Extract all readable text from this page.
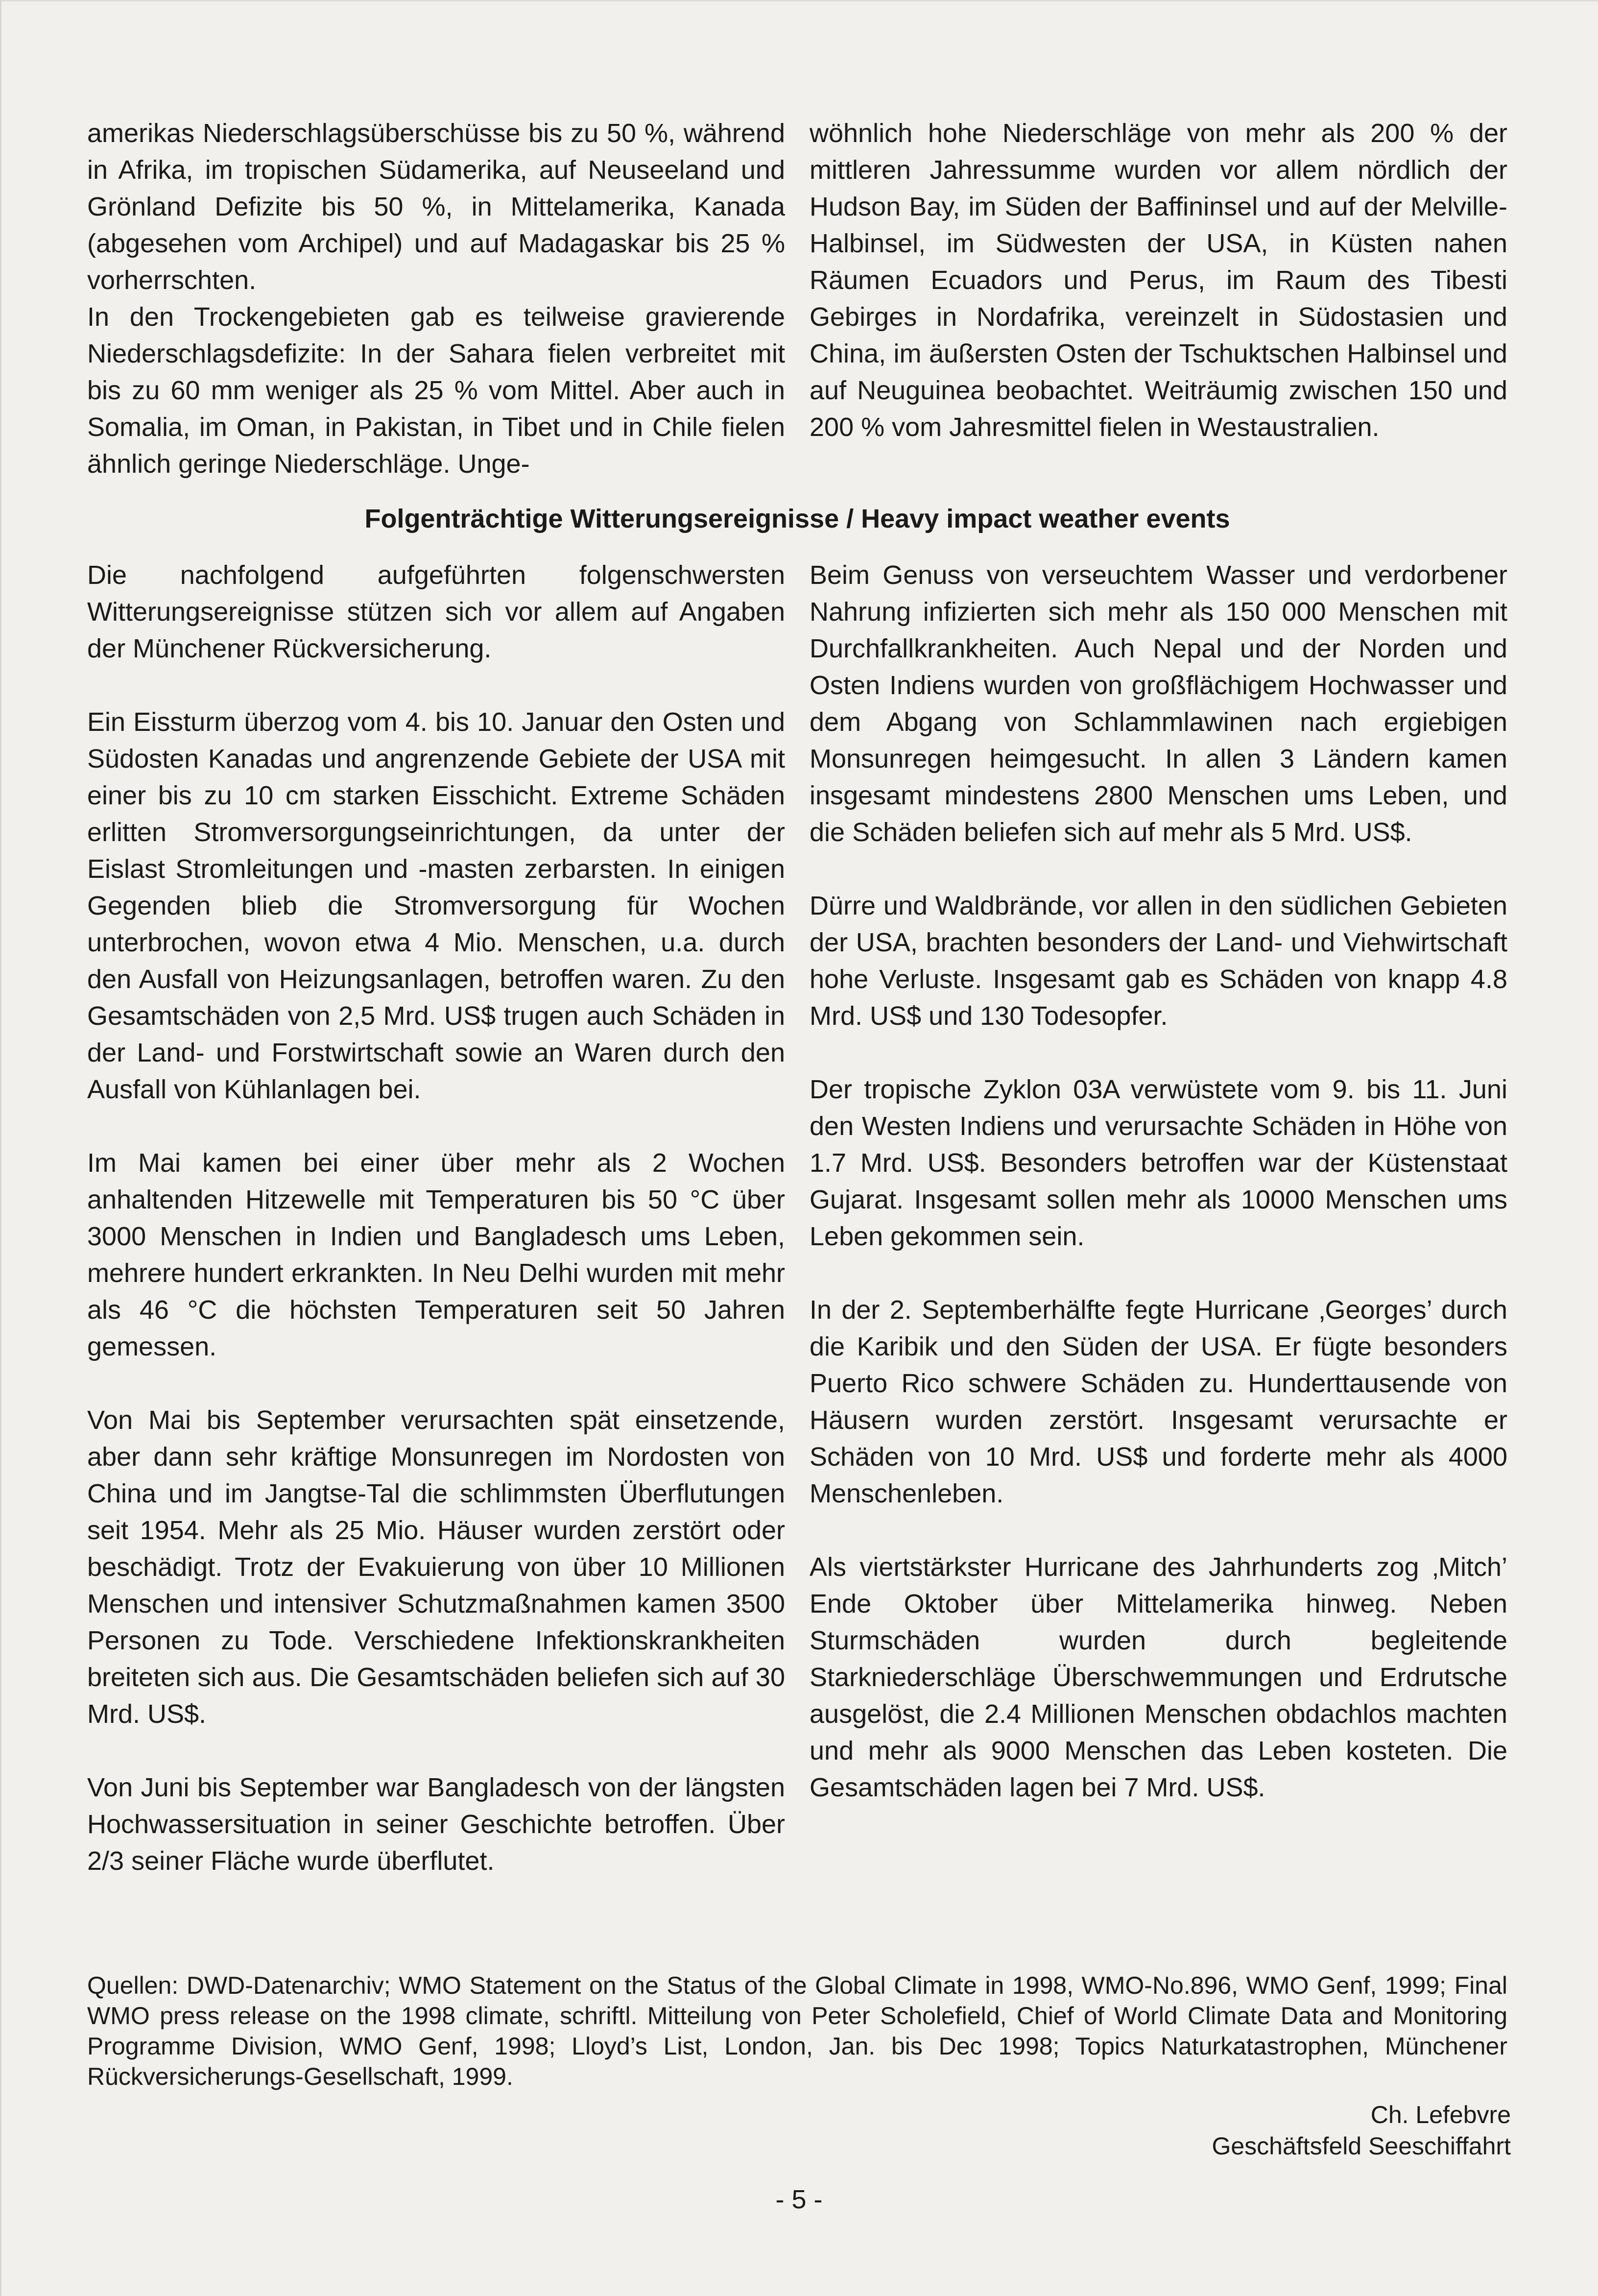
amerikas Niederschlagsüberschüsse bis zu 50 %, während in Afrika, im tropischen Südamerika, auf Neuseeland und Grönland Defizite bis 50 %, in Mittelamerika, Kanada (abgesehen vom Archipel) und auf Madagaskar bis 25 % vorherrschten.

In den Trockengebieten gab es teilweise gravierende Niederschlagsdefizite: In der Sahara fielen verbreitet mit bis zu 60 mm weniger als 25 % vom Mittel. Aber auch in Somalia, im Oman, in Pakistan, in Tibet und in Chile fielen ähnlich geringe Niederschläge. Unge-

wöhnlich hohe Niederschläge von mehr als 200 % der mittleren Jahressumme wurden vor allem nördlich der Hudson Bay, im Süden der Baffininsel und auf der Melville-Halbinsel, im Südwesten der USA, in Küsten nahen Räumen Ecuadors und Perus, im Raum des Tibesti Gebirges in Nordafrika, vereinzelt in Südostasien und China, im äußersten Osten der Tschuktschen Halbinsel und auf Neuguinea beobachtet. Weiträumig zwischen 150 und 200 % vom Jahresmittel fielen in Westaustralien.

Folgenträchtige Witterungsereignisse / Heavy impact weather events

Die nachfolgend aufgeführten folgenschwersten Witterungsereignisse stützen sich vor allem auf Angaben der Münchener Rückversicherung.

Ein Eissturm überzog vom 4. bis 10. Januar den Osten und Südosten Kanadas und angrenzende Gebiete der USA mit einer bis zu 10 cm starken Eisschicht. Extreme Schäden erlitten Stromversorgungseinrichtungen, da unter der Eislast Stromleitungen und -masten zerbarsten. In einigen Gegenden blieb die Stromversorgung für Wochen unterbrochen, wovon etwa 4 Mio. Menschen, u.a. durch den Ausfall von Heizungsanlagen, betroffen waren. Zu den Gesamtschäden von 2,5 Mrd. US$ trugen auch Schäden in der Land- und Forstwirtschaft sowie an Waren durch den Ausfall von Kühlanlagen bei.

Im Mai kamen bei einer über mehr als 2 Wochen anhaltenden Hitzewelle mit Temperaturen bis 50 °C über 3000 Menschen in Indien und Bangladesch ums Leben, mehrere hundert erkrankten. In Neu Delhi wurden mit mehr als 46 °C die höchsten Temperaturen seit 50 Jahren gemessen.

Von Mai bis September verursachten spät einsetzende, aber dann sehr kräftige Monsunregen im Nordosten von China und im Jangtse-Tal die schlimmsten Überflutungen seit 1954. Mehr als 25 Mio. Häuser wurden zerstört oder beschädigt. Trotz der Evakuierung von über 10 Millionen Menschen und intensiver Schutzmaßnahmen kamen 3500 Personen zu Tode. Verschiedene Infektionskrankheiten breiteten sich aus. Die Gesamtschäden beliefen sich auf 30 Mrd. US$.

Von Juni bis September war Bangladesch von der längsten Hochwassersituation in seiner Geschichte betroffen. Über 2/3 seiner Fläche wurde überflutet.

Beim Genuss von verseuchtem Wasser und verdorbener Nahrung infizierten sich mehr als 150 000 Menschen mit Durchfallkrankheiten. Auch Nepal und der Norden und Osten Indiens wurden von großflächigem Hochwasser und dem Abgang von Schlammlawinen nach ergiebigen Monsunregen heimgesucht. In allen 3 Ländern kamen insgesamt mindestens 2800 Menschen ums Leben, und die Schäden beliefen sich auf mehr als 5 Mrd. US$.

Dürre und Waldbrände, vor allen in den südlichen Gebieten der USA, brachten besonders der Land- und Viehwirtschaft hohe Verluste. Insgesamt gab es Schäden von knapp 4.8 Mrd. US$ und 130 Todesopfer.

Der tropische Zyklon 03A verwüstete vom 9. bis 11. Juni den Westen Indiens und verursachte Schäden in Höhe von 1.7 Mrd. US$. Besonders betroffen war der Küstenstaat Gujarat. Insgesamt sollen mehr als 10000 Menschen ums Leben gekommen sein.

In der 2. Septemberhälfte fegte Hurricane ‚Georges’ durch die Karibik und den Süden der USA. Er fügte besonders Puerto Rico schwere Schäden zu. Hunderttausende von Häusern wurden zerstört. Insgesamt verursachte er Schäden von 10 Mrd. US$ und forderte mehr als 4000 Menschenleben.

Als viertstärkster Hurricane des Jahrhunderts zog ‚Mitch’ Ende Oktober über Mittelamerika hinweg. Neben Sturmschäden wurden durch begleitende Starkniederschläge Überschwemmungen und Erdrutsche ausgelöst, die 2.4 Millionen Menschen obdachlos machten und mehr als 9000 Menschen das Leben kosteten. Die Gesamtschäden lagen bei 7 Mrd. US$.

Quellen: DWD-Datenarchiv; WMO Statement on the Status of the Global Climate in 1998, WMO-No.896, WMO Genf, 1999; Final WMO press release on the 1998 climate, schriftl. Mitteilung von Peter Scholefield, Chief of World Climate Data and Monitoring Programme Division, WMO Genf, 1998; Lloyd’s List, London, Jan. bis Dec 1998; Topics Naturkatastrophen, Münchener Rückversicherungs-Gesellschaft, 1999.

Ch. Lefebvre
Geschäftsfeld Seeschiffahrt
- 5 -
